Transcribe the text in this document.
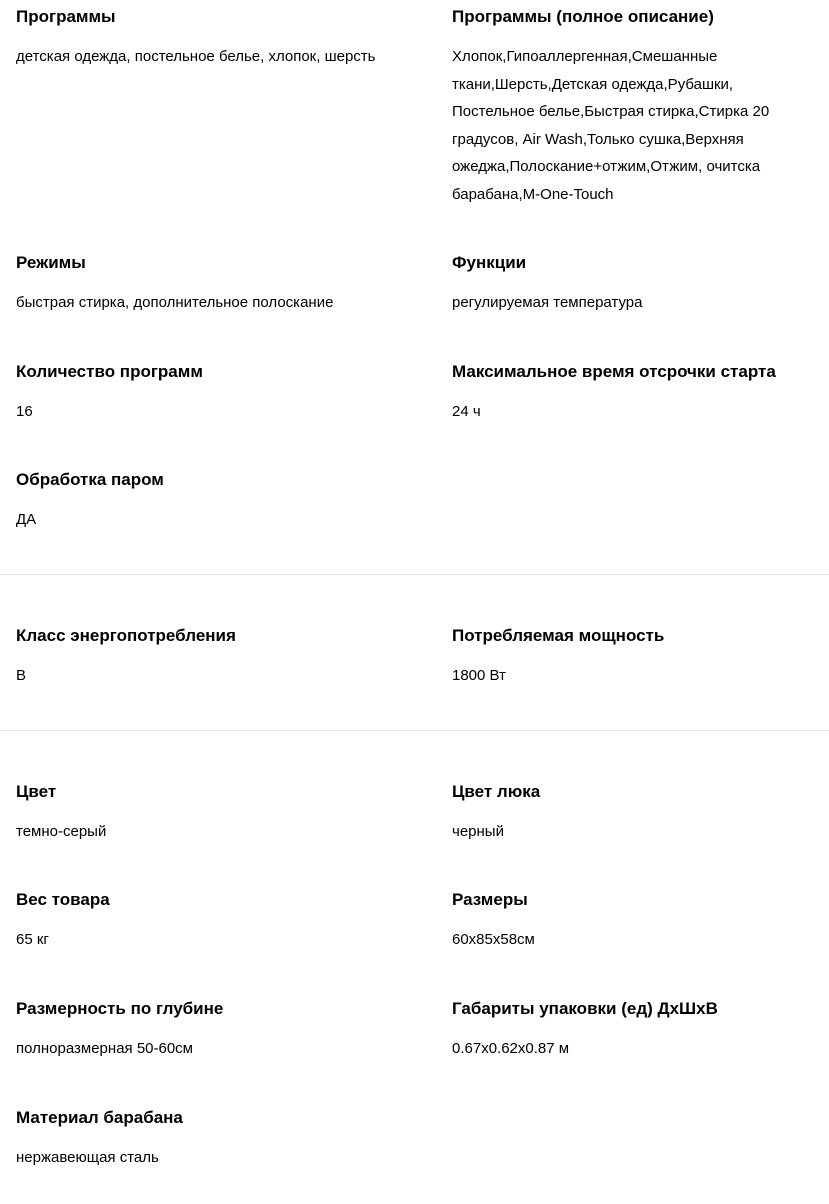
Программы
детская одежда, постельное белье, хлопок, шерсть
Программы (полное описание)
Хлопок,Гипоаллергенная,Смешанные ткани,Шерсть,Детская одежда,Рубашки, Постельное белье,Быстрая стирка,Стирка 20 градусов, Air Wash,Только сушка,Верхняя ожеджа,Полоскание+отжим,Отжим, очитска барабана,M-One-Touch
Режимы
быстрая стирка, дополнительное полоскание
Функции
регулируемая температура
Количество программ
16
Максимальное время отсрочки старта
24 ч
Обработка паром
ДА
Класс энергопотребления
B
Потребляемая мощность
1800 Вт
Цвет
темно-серый
Цвет люка
черный
Вес товара
65 кг
Размеры
60х85х58см
Размерность по глубине
полноразмерная 50-60см
Габариты упаковки (ед) ДхШхВ
0.67x0.62x0.87 м
Материал барабана
нержавеющая сталь
